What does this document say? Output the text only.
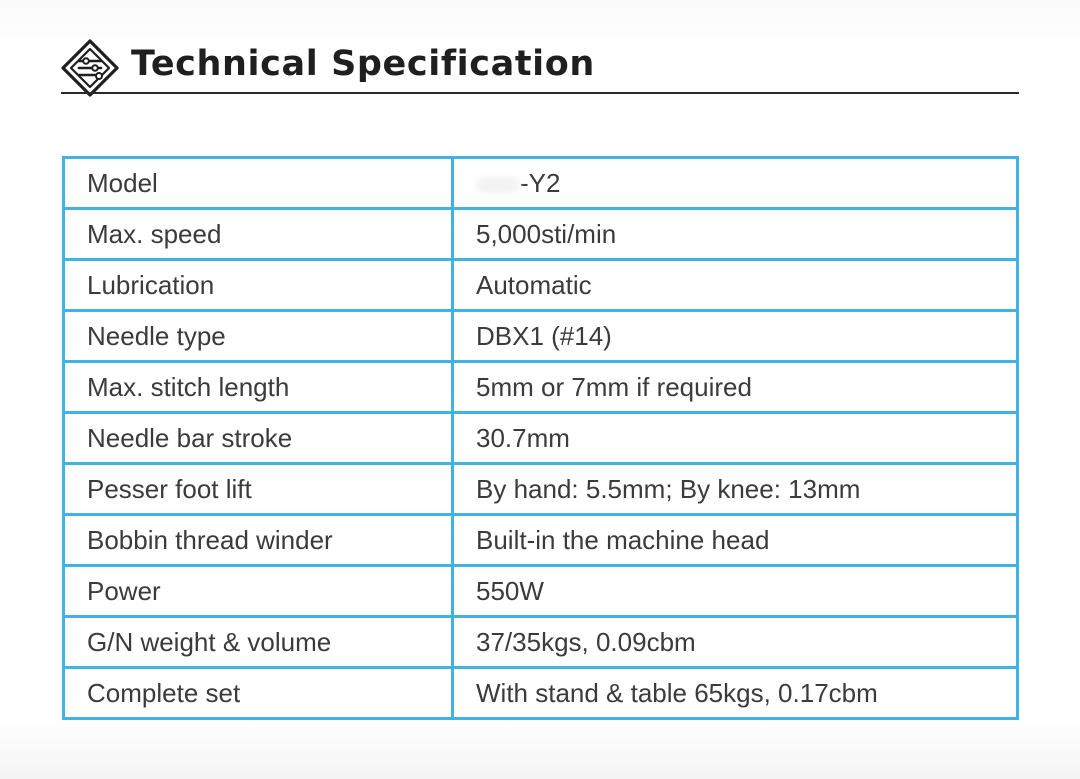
Technical Specification
Model	-Y2
Max. speed	5,000sti/min
Lubrication	Automatic
Needle type	DBX1 (#14)
Max. stitch length	5mm or 7mm if required
Needle bar stroke	30.7mm
Pesser foot lift	By hand: 5.5mm; By knee: 13mm
Bobbin thread winder	Built-in the machine head
Power	550W
G/N weight & volume	37/35kgs, 0.09cbm
Complete set	With stand & table 65kgs, 0.17cbm
